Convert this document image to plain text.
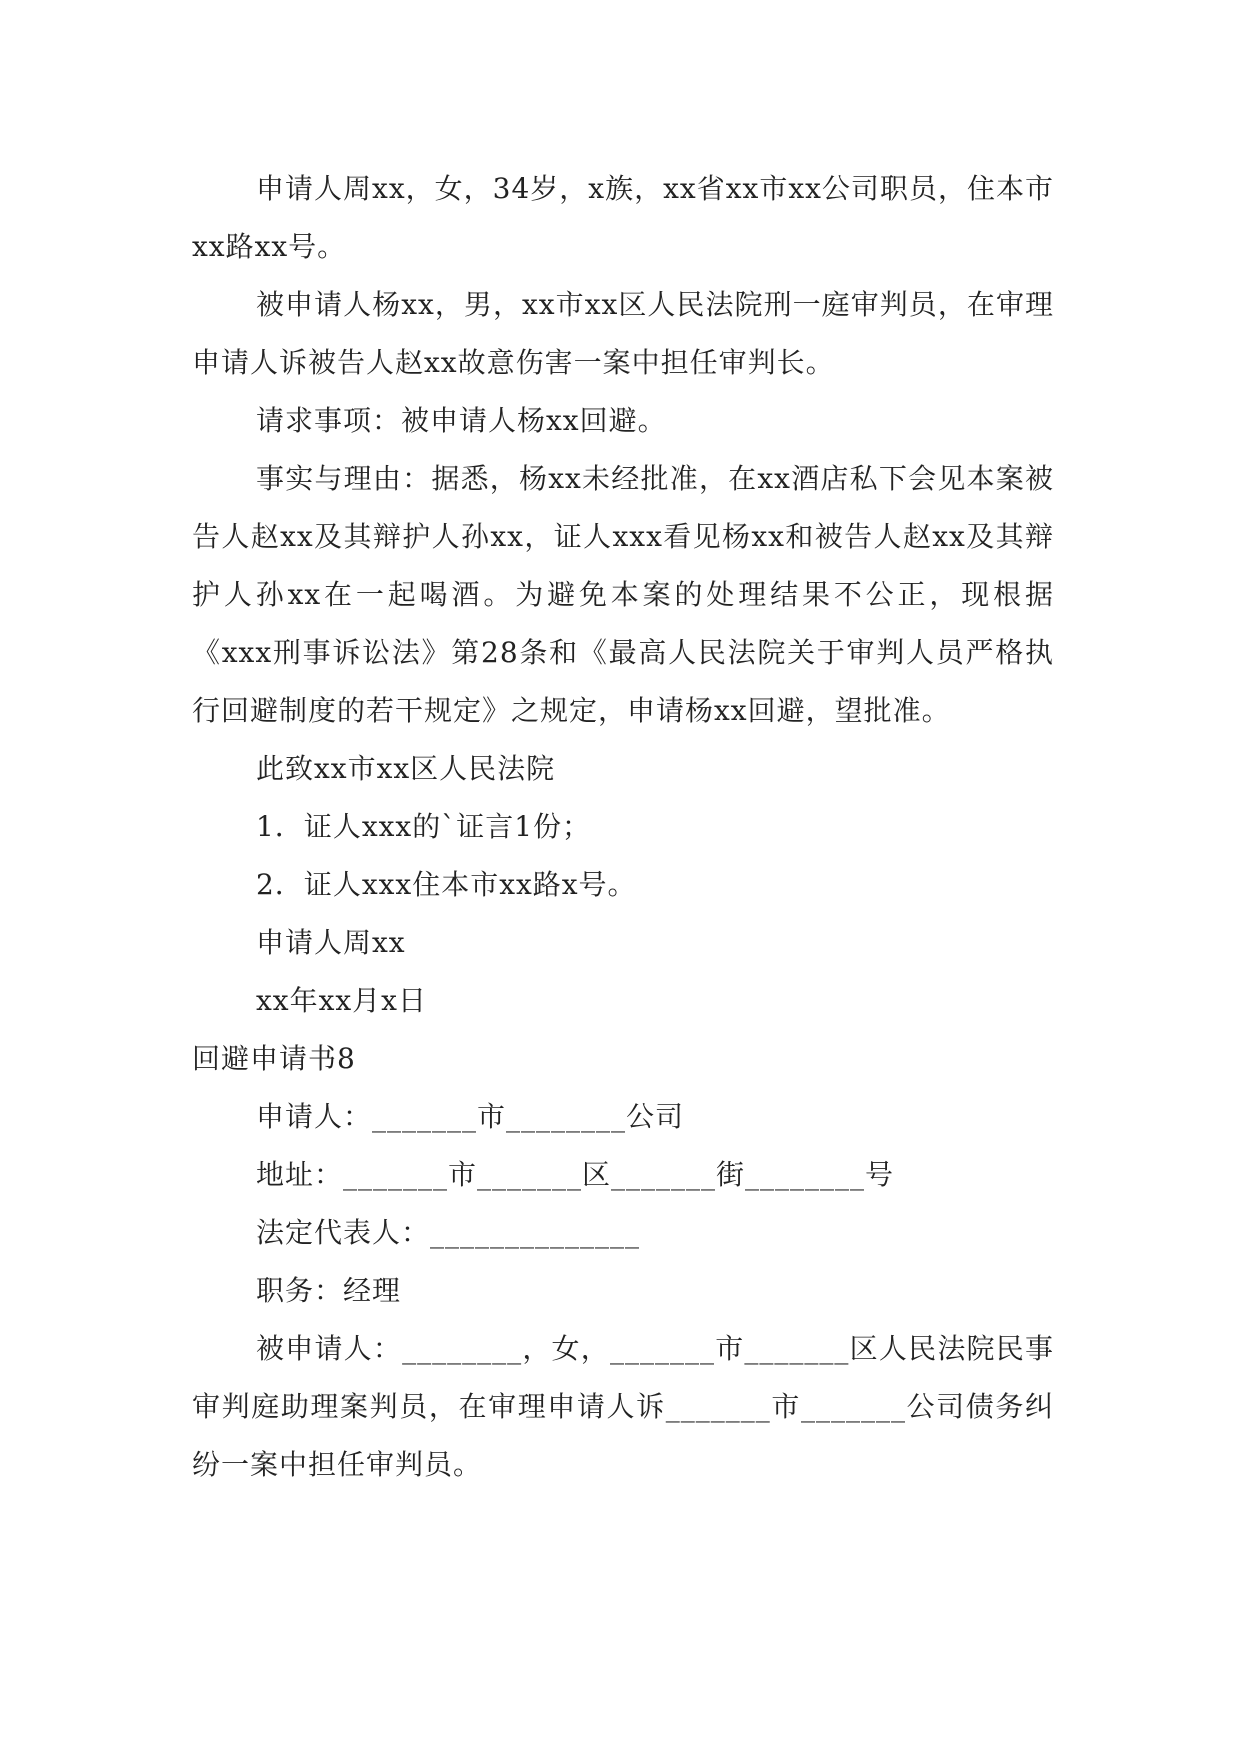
申请人周xx，女，34岁，x族，xx省xx市xx公司职员，住本市xx路xx号。

被申请人杨xx，男，xx市xx区人民法院刑一庭审判员，在审理申请人诉被告人赵xx故意伤害一案中担任审判长。

请求事项：被申请人杨xx回避。

事实与理由：据悉，杨xx未经批准，在xx酒店私下会见本案被告人赵xx及其辩护人孙xx，证人xxx看见杨xx和被告人赵xx及其辩护人孙xx在一起喝酒。为避免本案的处理结果不公正，现根据《xxx刑事诉讼法》第28条和《最高人民法院关于审判人员严格执行回避制度的若干规定》之规定，申请杨xx回避，望批准。

此致xx市xx区人民法院

1．证人xxx的`证言1份；

2．证人xxx住本市xx路x号。

申请人周xx

xx年xx月x日

回避申请书8

申请人：_______市________公司

地址：_______市_______区_______街________号

法定代表人：______________

职务：经理

被申请人：________，女，_______市_______区人民法院民事审判庭助理案判员，在审理申请人诉_______市_______公司债务纠纷一案中担任审判员。
